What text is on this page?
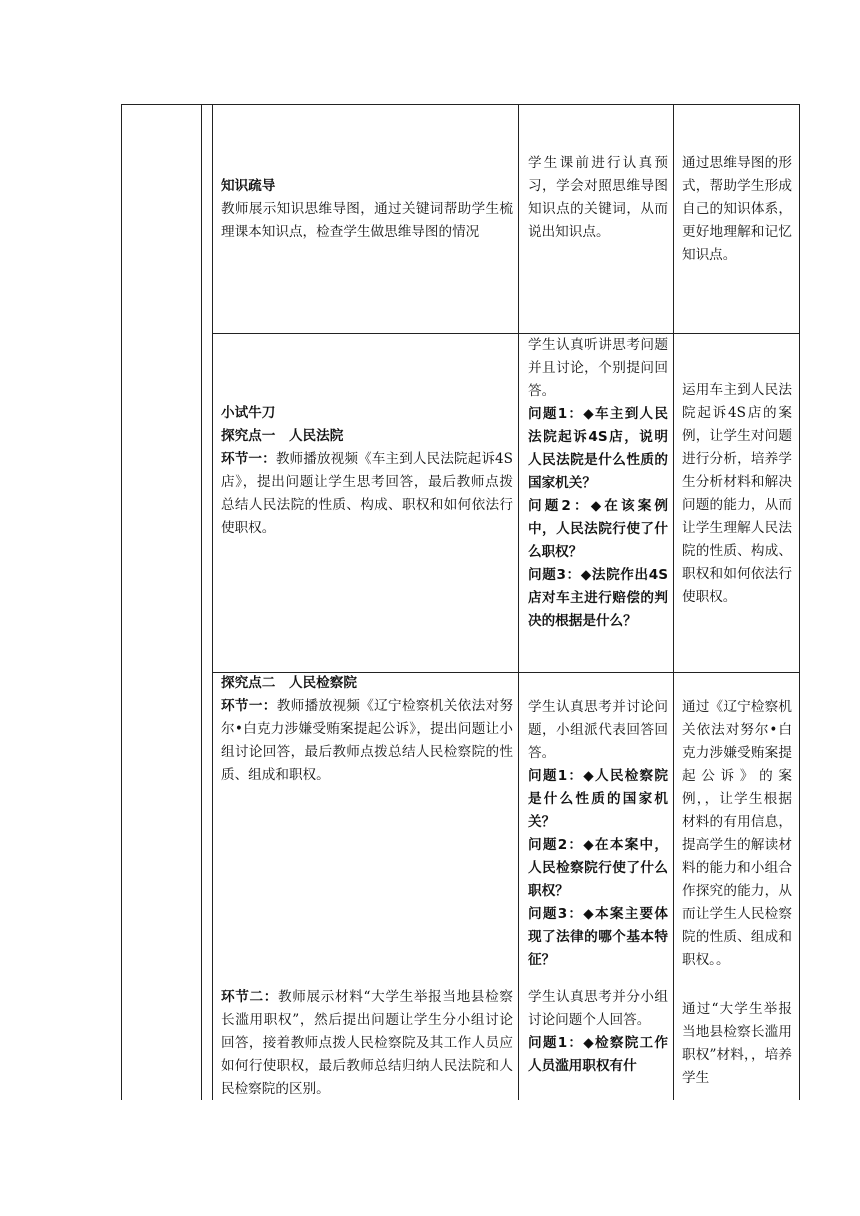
知识疏导

教师展示知识思维导图，通过关键词帮助学生梳理课本知识点，检查学生做思维导图的情况

学生课前进行认真预习，学会对照思维导图知识点的关键词，从而说出知识点。

通过思维导图的形式，帮助学生形成自己的知识体系，更好地理解和记忆知识点。

小试牛刀

探究点一　人民法院

环节一：教师播放视频《车主到人民法院起诉4S店》，提出问题让学生思考回答，最后教师点拨总结人民法院的性质、构成、职权和如何依法行使职权。

学生认真听讲思考问题并且讨论，个别提问回答。

问题1：◆车主到人民法院起诉4S店，说明人民法院是什么性质的国家机关？

问题2：◆在该案例中，人民法院行使了什么职权？

问题3：◆法院作出4S店对车主进行赔偿的判决的根据是什么？

运用车主到人民法院起诉4S店的案例，让学生对问题进行分析，培养学生分析材料和解决问题的能力，从而让学生理解人民法院的性质、构成、职权和如何依法行使职权。

探究点二　人民检察院

环节一：教师播放视频《辽宁检察机关依法对努尔•白克力涉嫌受贿案提起公诉》，提出问题让小组讨论回答，最后教师点拨总结人民检察院的性质、组成和职权。

环节二：教师展示材料“大学生举报当地县检察长滥用职权”，然后提出问题让学生分小组讨论回答，接着教师点拨人民检察院及其工作人员应如何行使职权，最后教师总结归纳人民法院和人民检察院的区别。

学生认真思考并讨论问题，小组派代表回答回答。

问题1：◆人民检察院是什么性质的国家机关？

问题2：◆在本案中，人民检察院行使了什么职权？

问题3：◆本案主要体现了法律的哪个基本特征？

学生认真思考并分小组讨论问题个人回答。

问题1：◆检察院工作人员滥用职权有什

通过《辽宁检察机关依法对努尔•白克力涉嫌受贿案提起公诉》的案例，，让学生根据材料的有用信息，提高学生的解读材料的能力和小组合作探究的能力，从而让学生人民检察院的性质、组成和职权。。

通过“大学生举报当地县检察长滥用职权”材料，，培养学生
